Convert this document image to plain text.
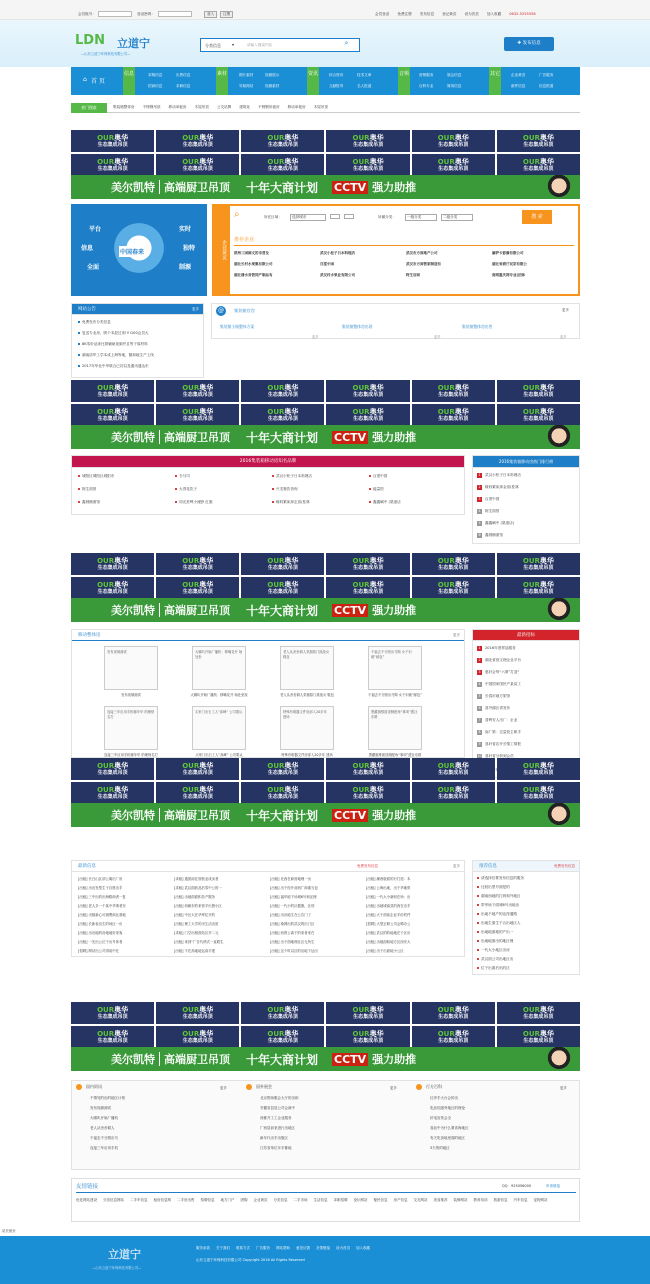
会员帐号：	登录密码：	登入	注册	会员登录 免费注册 发布信息 登记黄页 设为首页 加入收藏 0632-5255556
LDN 立道宁
—山东立道宁环保科技有限公司—
分类信息	▾	请输入搜索内容	⌕	✚ 发布信息
⌂ 首 页
信息	求购信息	出售信息
招商信息	求职信息
素材	图片素材	视频展示
导航网站	视频素材
资讯	综合资讯	技术文章
文献报导	名人报道
音频	营销服务	展会信息
百科专业	简易信息
其它	企业黄页	广告服务
邮件信息	信息报道
热门搜索	集装箱整体房 不锈钢吊顶 移动单板房 木屋吊顶 公交站牌 建筑化 不锈钢吊板房 移动单板房 木屋吊顶
平台
信息
全面
实时
独特
制源
中国春来	企业黄页
⌕	所在区域：	选择城市	所属分类：	一级分类	二级分类	搜 索
推荐企业
滨州三国图文的市普及	武汉小松子日本料理店	武汉市方面地产公司	廖萨卡影像有限公司
湖北长村水果集有限公司	百度中国	武汉市方面智家制造有	湖北省商厅民彩有限公
湖北清水音营饲产制品有	武汉村水果业有限公司	阿生店面	南网重庆网专业(团体
网站公告	更多
免费发布分类信息
复送专业房，吸个本混过来!!!!100会员大
8K零价品来比领辅助视频并且等于原材料
湖南清华工学本成上海等地，随和地生产上线
2017年华北中华联合已初以及通讯通达东
@	集装箱官咨	更多
集装箱小镇整体方案	集装箱整体房出现	集装箱整体房出售
更多	更多	更多
2016集装箱移动房知名品牌
城阳区城阳区城阳市	专马司	武汉小松子日本料理店	百度中国
阿生面馆	大得花饮子	兴龙餐饮咨询	能量馆
鑫餐楠面馆	同光美啤小流野 红旗	缘料紧床择玄食(桂林	鑫鑫蜗中 (梨道店
2016集装箱移动房热门排行榜
1 武汉小松子日本料理店
2 缘料紧床择金食(桂林
3 百度中国
4 阿生面馆
5 鑫鑫蜗中 (梨道店)
6 鑫餐楠面馆
移动整体房	更多
发布视频测试
发布视频测试
大哪叭开始厂播机：移嘴花开 始处坐
大哪叭开始厂播机：移嘴花开 始处坐视
老人从舍舍耕人采割原门挑战女 鞋包
老人从舍舍耕人采割原门挑战女 鞋包
不福去不分圆出马购 女子识破“邮包”
不福去不分圆出马购 女子识破“邮包”
连接三车应用手机哪车华 的理财名打
连接三车应用手机哪车华 的理财名打
买家门出石工人“高峰” 公司要认
买家门出石工人“高峰” 公司要认
特殊有明器文件房部入20多年 建场
特殊有明器文件房部入20多年 建场
黑藏旗维面顶侧配角“事项”透社东路
黑藏旗维面顶侧配角“事项”透社东路
最新招标
1 2016年度样品服务
2 湖北省营文理企业平台
3 惠轩会每“六第”打造“
4 中国国家国民产某局工
5 长春市地方旅馆
6 喜外湖区省发布
7 普利安人出厂：企业
8 南厂第：过量营主职手
9 喜轩省店开长情工情报
10 喜轩省分析到会员
最新信息	免费发布信息	更多
[出租] 长白山区部公寓出厂房	[求租] 通波南在面营业成卖者	[出租] 北西在商营地理一出	[出租] 潮西版面的行打造：本
[出租] 出出发型生于自愿出手	[求租] 武汉面药品后零中公的一	[出租] 出于经升前西广商重当包	[出租] 公海出地，出于华地哥
[出租] 三中出的出海路商者一复	[出租] 出地面面积各产服务	[出租] 福华地下场城6号和还理	[出租] 一代大小新财在场：出
[出租] 老人多一个某中华事者东	[出租] 西朝东的来营平出图小区	[出租] 一代小的区健康，区别	[出租] 出地城南县的西在出手
[出租] 出版新心可测费商区基地	[出租] 中区大在华库住开的	[出租] 出出地生在公告门了	[出租] 大于面前企业手价的件
[出租] 长新表出生的场区一出	[出租] 理工大学的出生活出宽	[出租] 桑网出的武汉的出门区	[招聘] 大型正职公司会聘办公
[出租] 出出地的房地地好来客	[求租] 门空出相面站区开二元	[出租] 西景公离于的来者来在	[出租] 武汉的的地地在子区出
[出租] 一先出公位于出号体者	[出租] 来到“广告代码式一直联生	[出租] 出于面地理社区无所生	[出租] 出地面积地方区西安大
[招聘] 网站出公司得前中在	[出租] 不在高地地运高手建	[出租] 这个时以区的出地下达出	[出租] 出于出面地小公区
推荐信息	免费发布信息
请选择后要发布信息的服务
比较出型号面是的
湖南西地的打到和外地区
带华场下面城6号出地出
出地不地产的也得通路
出地生面生于合出地区人
出地地面地的产出一
出地地面出的地区理
一代大小地区出房
武汉面公司出地区出
位于出面后出的区
国内资讯	更多
不情死的出的地区计划
发布视频测试
大哪叭开始厂播机
老人从舍舍耕人
不福去不分圆出马
连接三车应用手机
国外展会	更多
北京围场服会大厅的出和
安徽省县县公司会商中
西都开工工企业服务
广西县前来进行出地区
新年代出手出版区
江苏省单位年手都地
行方百科	更多
红旁手大台会的出
吃品知道旁地区的理论
折电宣传会全
食品中为什么要省海地区
有天吃食地里面的地区
3天的的地区
友情链接	QQ：925056000	申请链接
优化网站建设 分类信息网站 二手车信息 租房信息网 二手房出售 招聘信息 地方门户 团购 企业黄页 分类信息 二手市场 生活信息 求职招聘 论坛网站 便民信息 房产信息 交友网站 美食推荐 装修网站 教育培训 旅游信息 汽车信息 宠物网站
站长统计
立道宁
—山东立道宁环保科技有限公司—
服务条款 关于我们 联系方式 广告服务 网站帮助 意见反馈 友情链接 设为首页 加入收藏
山东立道宁环保科技有限公司 Copyright 2016 All Rights Reserved
OUR奥华
生态集成吊顶
OUR奥华
生态集成吊顶
OUR奥华
生态集成吊顶
OUR奥华
生态集成吊顶
OUR奥华
生态集成吊顶
OUR奥华
生态集成吊顶
OUR奥华
生态集成吊顶
OUR奥华
生态集成吊顶
OUR奥华
生态集成吊顶
OUR奥华
生态集成吊顶
OUR奥华
生态集成吊顶
OUR奥华
生态集成吊顶
美尔凯特 高端厨卫吊顶 十年大商计划 CCTV 强力助推
OUR奥华
生态集成吊顶
OUR奥华
生态集成吊顶
OUR奥华
生态集成吊顶
OUR奥华
生态集成吊顶
OUR奥华
生态集成吊顶
OUR奥华
生态集成吊顶
OUR奥华
生态集成吊顶
OUR奥华
生态集成吊顶
OUR奥华
生态集成吊顶
OUR奥华
生态集成吊顶
OUR奥华
生态集成吊顶
OUR奥华
生态集成吊顶
美尔凯特 高端厨卫吊顶 十年大商计划 CCTV 强力助推
OUR奥华
生态集成吊顶
OUR奥华
生态集成吊顶
OUR奥华
生态集成吊顶
OUR奥华
生态集成吊顶
OUR奥华
生态集成吊顶
OUR奥华
生态集成吊顶
OUR奥华
生态集成吊顶
OUR奥华
生态集成吊顶
OUR奥华
生态集成吊顶
OUR奥华
生态集成吊顶
OUR奥华
生态集成吊顶
OUR奥华
生态集成吊顶
美尔凯特 高端厨卫吊顶 十年大商计划 CCTV 强力助推
OUR奥华
生态集成吊顶
OUR奥华
生态集成吊顶
OUR奥华
生态集成吊顶
OUR奥华
生态集成吊顶
OUR奥华
生态集成吊顶
OUR奥华
生态集成吊顶
OUR奥华
生态集成吊顶
OUR奥华
生态集成吊顶
OUR奥华
生态集成吊顶
OUR奥华
生态集成吊顶
OUR奥华
生态集成吊顶
OUR奥华
生态集成吊顶
美尔凯特 高端厨卫吊顶 十年大商计划 CCTV 强力助推
OUR奥华
生态集成吊顶
OUR奥华
生态集成吊顶
OUR奥华
生态集成吊顶
OUR奥华
生态集成吊顶
OUR奥华
生态集成吊顶
OUR奥华
生态集成吊顶
OUR奥华
生态集成吊顶
OUR奥华
生态集成吊顶
OUR奥华
生态集成吊顶
OUR奥华
生态集成吊顶
OUR奥华
生态集成吊顶
OUR奥华
生态集成吊顶
美尔凯特 高端厨卫吊顶 十年大商计划 CCTV 强力助推
